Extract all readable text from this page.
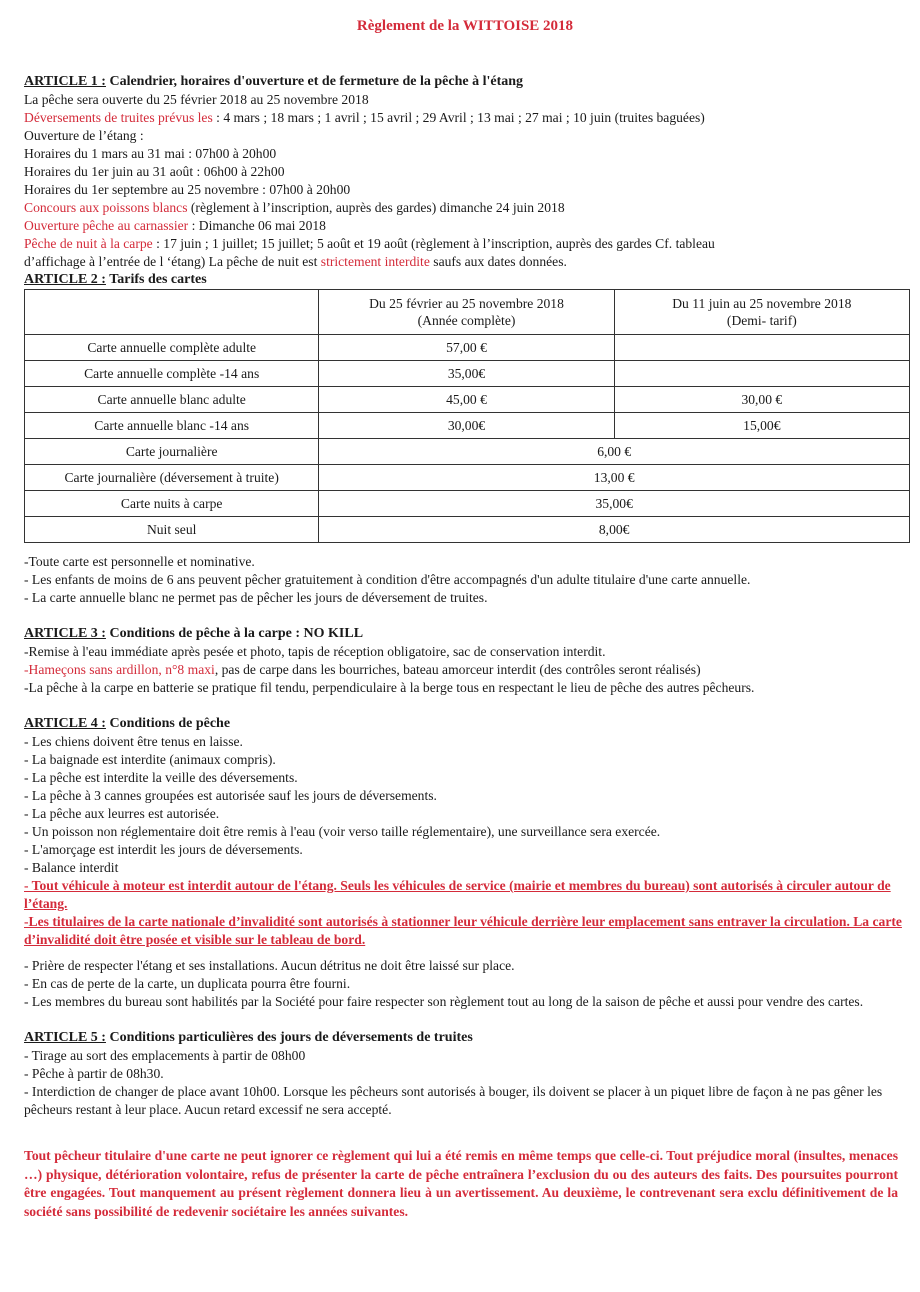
Règlement de la WITTOISE 2018
ARTICLE 1 : Calendrier, horaires d'ouverture et de fermeture de la pêche à l'étang
La pêche sera ouverte du 25 février 2018 au 25 novembre 2018
Déversements de truites prévus les : 4 mars ; 18 mars ; 1 avril ; 15 avril ; 29 Avril ; 13 mai ; 27 mai ; 10 juin (truites baguées)
Ouverture de l’étang :
Horaires du 1 mars au 31 mai : 07h00 à 20h00
Horaires du 1er juin au 31 août : 06h00 à 22h00
Horaires du 1er septembre au 25 novembre : 07h00 à 20h00
Concours aux poissons blancs (règlement à l’inscription, auprès des gardes) dimanche 24 juin 2018
Ouverture pêche au carnassier : Dimanche 06 mai 2018
Pêche de nuit à la carpe : 17 juin ; 1 juillet; 15 juillet; 5 août et 19 août (règlement à l’inscription, auprès des gardes Cf. tableau
d’affichage à l’entrée de l ‘étang) La pêche de nuit est strictement interdite saufs aux dates données.
ARTICLE 2 : Tarifs des cartes
	Du 25 février au 25 novembre 2018
(Année complète)	Du 11 juin au 25 novembre 2018
(Demi- tarif)
Carte annuelle complète adulte	57,00 €	
Carte annuelle complète -14 ans	35,00€	
Carte annuelle blanc adulte	45,00 €	30,00 €
Carte annuelle blanc -14 ans	30,00€	15,00€
Carte journalière	6,00 €	
Carte journalière (déversement à truite)	13,00 €	
Carte nuits à carpe	35,00€	
Nuit seul	8,00€	
-Toute carte est personnelle et nominative.
- Les enfants de moins de 6 ans peuvent pêcher gratuitement à condition d'être accompagnés d'un adulte titulaire d'une carte annuelle.
- La carte annuelle blanc ne permet pas de pêcher les jours de déversement de truites.
ARTICLE 3 : Conditions de pêche à la carpe : NO KILL
-Remise à l'eau immédiate après pesée et photo, tapis de réception obligatoire, sac de conservation interdit.
-Hameçons sans ardillon, n°8 maxi, pas de carpe dans les bourriches, bateau amorceur interdit (des contrôles seront réalisés)
-La pêche à la carpe en batterie se pratique fil tendu, perpendiculaire à la berge tous en respectant le lieu de pêche des autres pêcheurs.
ARTICLE 4 : Conditions de pêche
- Les chiens doivent être tenus en laisse.
- La baignade est interdite (animaux compris).
- La pêche est interdite la veille des déversements.
- La pêche à 3 cannes groupées est autorisée sauf les jours de déversements.
- La pêche aux leurres est autorisée.
- Un poisson non réglementaire doit être remis à l'eau (voir verso taille réglementaire), une surveillance sera exercée.
- L'amorçage est interdit les jours de déversements.
- Balance interdit
- Tout véhicule à moteur est interdit autour de l'étang. Seuls les véhicules de service (mairie et membres du bureau) sont autorisés à circuler autour de l’étang.
-Les titulaires de la carte nationale d’invalidité sont autorisés à stationner leur véhicule derrière leur emplacement sans entraver la circulation. La carte d’invalidité doit être posée et visible sur le tableau de bord.
- Prière de respecter l'étang et ses installations. Aucun détritus ne doit être laissé sur place.
- En cas de perte de la carte, un duplicata pourra être fourni.
- Les membres du bureau sont habilités par la Société pour faire respecter son règlement tout au long de la saison de pêche et aussi pour vendre des cartes.
ARTICLE 5 : Conditions particulières des jours de déversements de truites
- Tirage au sort des emplacements à partir de 08h00
- Pêche à partir de 08h30.
- Interdiction de changer de place avant 10h00. Lorsque les pêcheurs sont autorisés à bouger, ils doivent se placer à un piquet libre de façon à ne pas gêner les pêcheurs restant à leur place. Aucun retard excessif ne sera accepté.
Tout pêcheur titulaire d'une carte ne peut ignorer ce règlement qui lui a été remis en même temps que celle-ci. Tout préjudice moral (insultes, menaces …) physique, détérioration volontaire, refus de présenter la carte de pêche entraînera l’exclusion du ou des auteurs des faits. Des poursuites pourront être engagées. Tout manquement au présent règlement donnera lieu à un avertissement. Au deuxième, le contrevenant sera exclu définitivement de la société sans possibilité de redevenir sociétaire les années suivantes.
